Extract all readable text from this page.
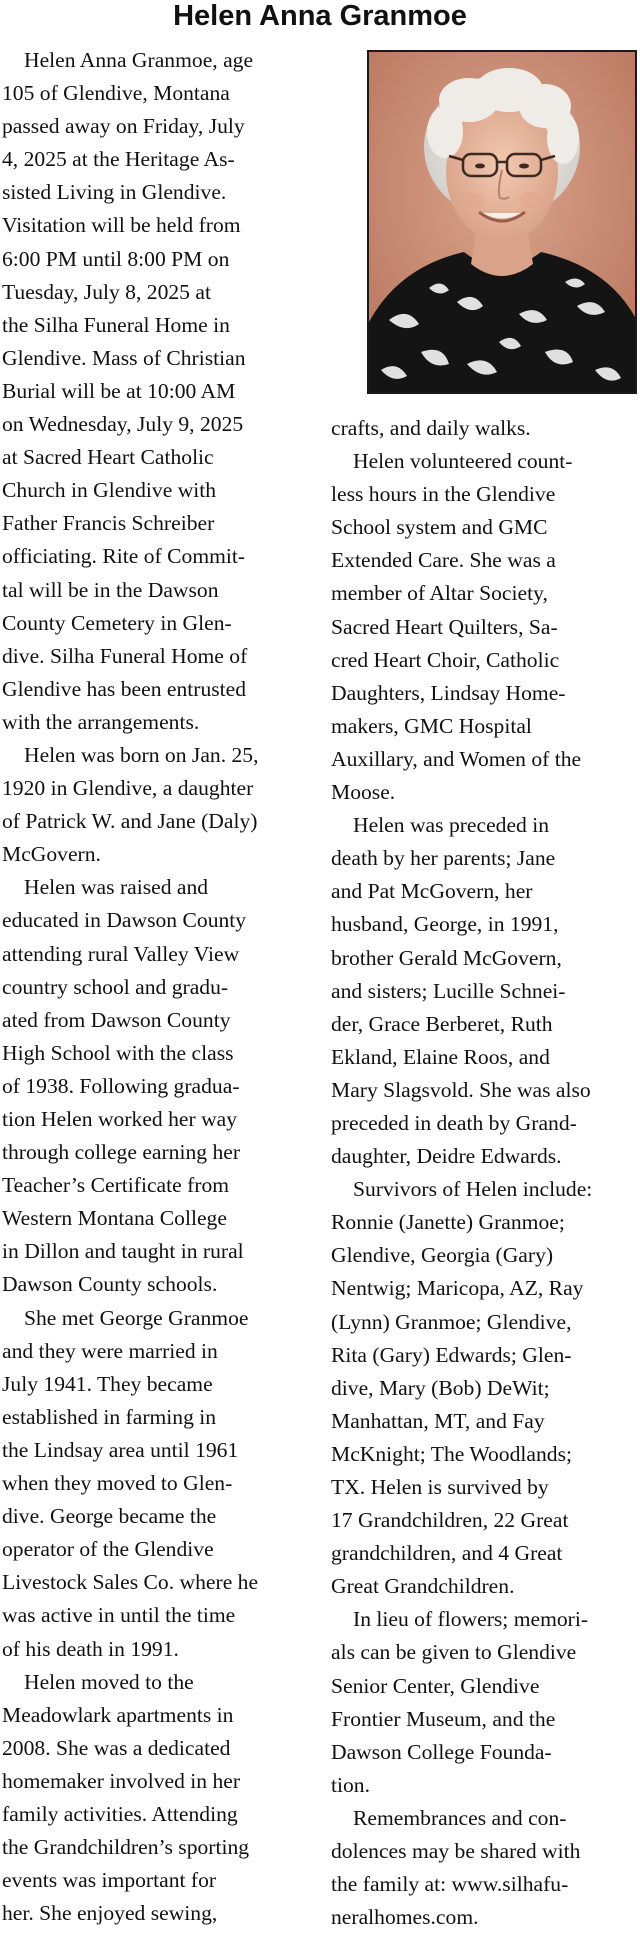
Helen Anna Granmoe

Helen Anna Granmoe, age
105 of Glendive, Montana
passed away on Friday, July
4, 2025 at the Heritage As-
sisted Living in Glendive.
Visitation will be held from
6:00 PM until 8:00 PM on
Tuesday, July 8, 2025 at
the Silha Funeral Home in
Glendive. Mass of Christian
Burial will be at 10:00 AM
on Wednesday, July 9, 2025
at Sacred Heart Catholic
Church in Glendive with
Father Francis Schreiber
officiating. Rite of Commit-
tal will be in the Dawson
County Cemetery in Glen-
dive. Silha Funeral Home of
Glendive has been entrusted
with the arrangements.

Helen was born on Jan. 25,
1920 in Glendive, a daughter
of Patrick W. and Jane (Daly)
McGovern.

Helen was raised and
educated in Dawson County
attending rural Valley View
country school and gradu-
ated from Dawson County
High School with the class
of 1938. Following gradua-
tion Helen worked her way
through college earning her
Teacher’s Certificate from
Western Montana College
in Dillon and taught in rural
Dawson County schools.

She met George Granmoe
and they were married in
July 1941. They became
established in farming in
the Lindsay area until 1961
when they moved to Glen-
dive. George became the
operator of the Glendive
Livestock Sales Co. where he
was active in until the time
of his death in 1991.

Helen moved to the
Meadowlark apartments in
2008. She was a dedicated
homemaker involved in her
family activities. Attending
the Grandchildren’s sporting
events was important for
her. She enjoyed sewing,

crafts, and daily walks.

Helen volunteered count-
less hours in the Glendive
School system and GMC
Extended Care. She was a
member of Altar Society,
Sacred Heart Quilters, Sa-
cred Heart Choir, Catholic
Daughters, Lindsay Home-
makers, GMC Hospital
Auxillary, and Women of the
Moose.

Helen was preceded in
death by her parents; Jane
and Pat McGovern, her
husband, George, in 1991,
brother Gerald McGovern,
and sisters; Lucille Schnei-
der, Grace Berberet, Ruth
Ekland, Elaine Roos, and
Mary Slagsvold. She was also
preceded in death by Grand-
daughter, Deidre Edwards.

Survivors of Helen include:
Ronnie (Janette) Granmoe;
Glendive, Georgia (Gary)
Nentwig; Maricopa, AZ, Ray
(Lynn) Granmoe; Glendive,
Rita (Gary) Edwards; Glen-
dive, Mary (Bob) DeWit;
Manhattan, MT, and Fay
McKnight; The Woodlands;
TX. Helen is survived by
17 Grandchildren, 22 Great
grandchildren, and 4 Great
Great Grandchildren.

In lieu of flowers; memori-
als can be given to Glendive
Senior Center, Glendive
Frontier Museum, and the
Dawson College Founda-
tion.

Remembrances and con-
dolences may be shared with
the family at: www.silhafu-
neralhomes.com.
